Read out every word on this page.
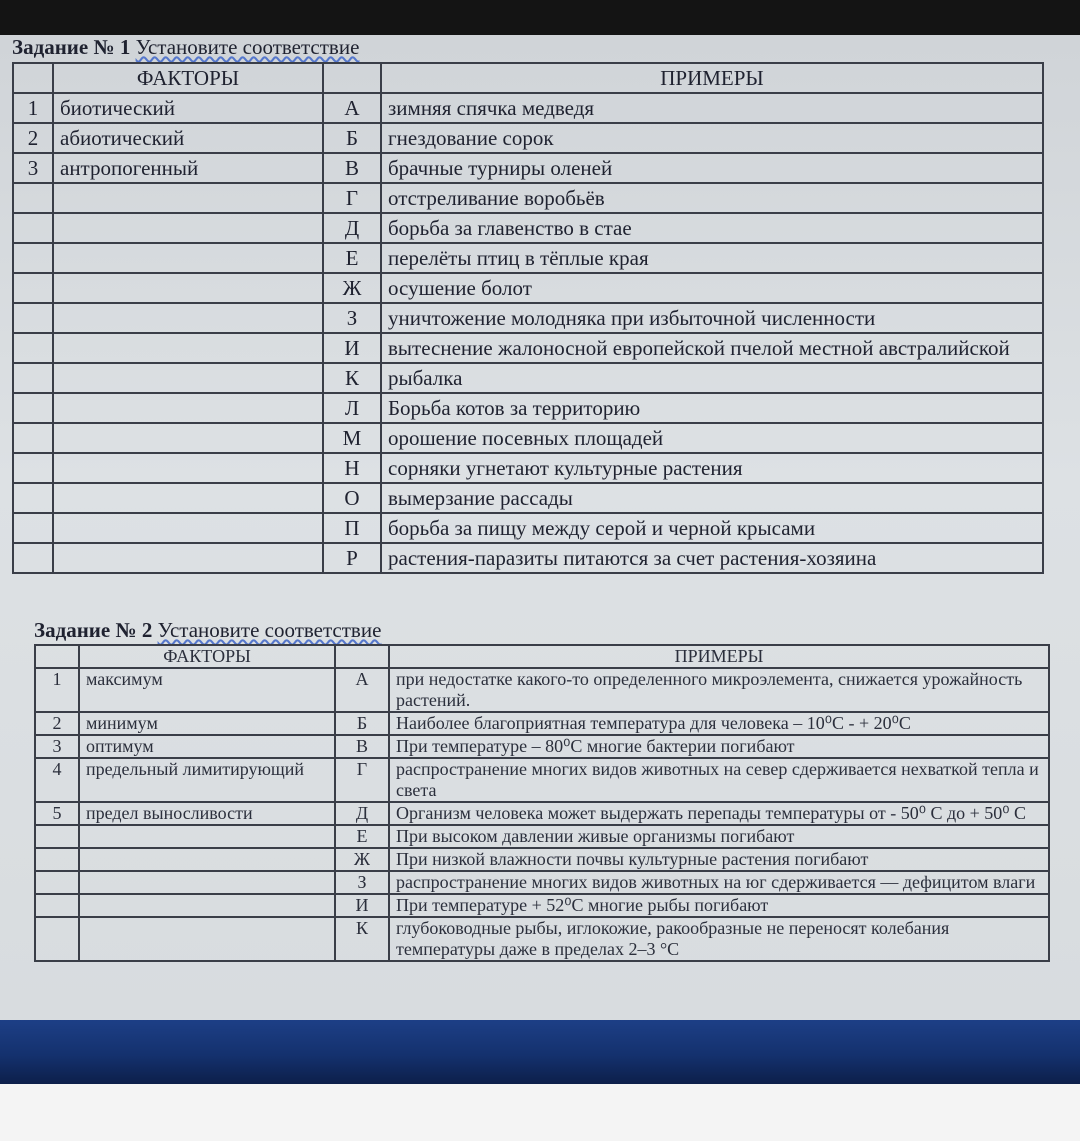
Задание № 1 Установите соответствие
	ФАКТОРЫ		ПРИМЕРЫ
1	биотический	А	зимняя спячка медведя
2	абиотический	Б	гнездование сорок
3	антропогенный	В	брачные турниры оленей
		Г	отстреливание воробьёв
		Д	борьба за главенство в стае
		Е	перелёты птиц в тёплые края
		Ж	осушение болот
		З	уничтожение молодняка при избыточной численности
		И	вытеснение жалоносной европейской пчелой местной австралийской
		К	рыбалка
		Л	Борьба котов за территорию
		М	орошение посевных площадей
		Н	сорняки угнетают культурные растения
		О	вымерзание рассады
		П	борьба за пищу между серой и черной крысами
		Р	растения-паразиты питаются за счет растения-хозяина
Задание № 2 Установите соответствие
	ФАКТОРЫ		ПРИМЕРЫ
1	максимум	А	при недостатке какого-то определенного микроэлемента, снижается урожайность растений.
2	минимум	Б	Наиболее благоприятная температура для человека – 10⁰С - + 20⁰С
3	оптимум	В	При температуре – 80⁰С многие бактерии погибают
4	предельный лимитирующий	Г	распространение многих видов животных на север сдерживается нехваткой тепла и света
5	предел выносливости	Д	Организм человека может выдержать перепады температуры от - 50⁰ С до + 50⁰ С
		Е	При высоком давлении живые организмы погибают
		Ж	При низкой влажности почвы культурные растения погибают
		З	распространение многих видов животных на юг сдерживается — дефицитом влаги
		И	При температуре + 52⁰С многие рыбы погибают
		К	глубоководные рыбы, иглокожие, ракообразные не переносят колебания температуры даже в пределах 2–3 °С
